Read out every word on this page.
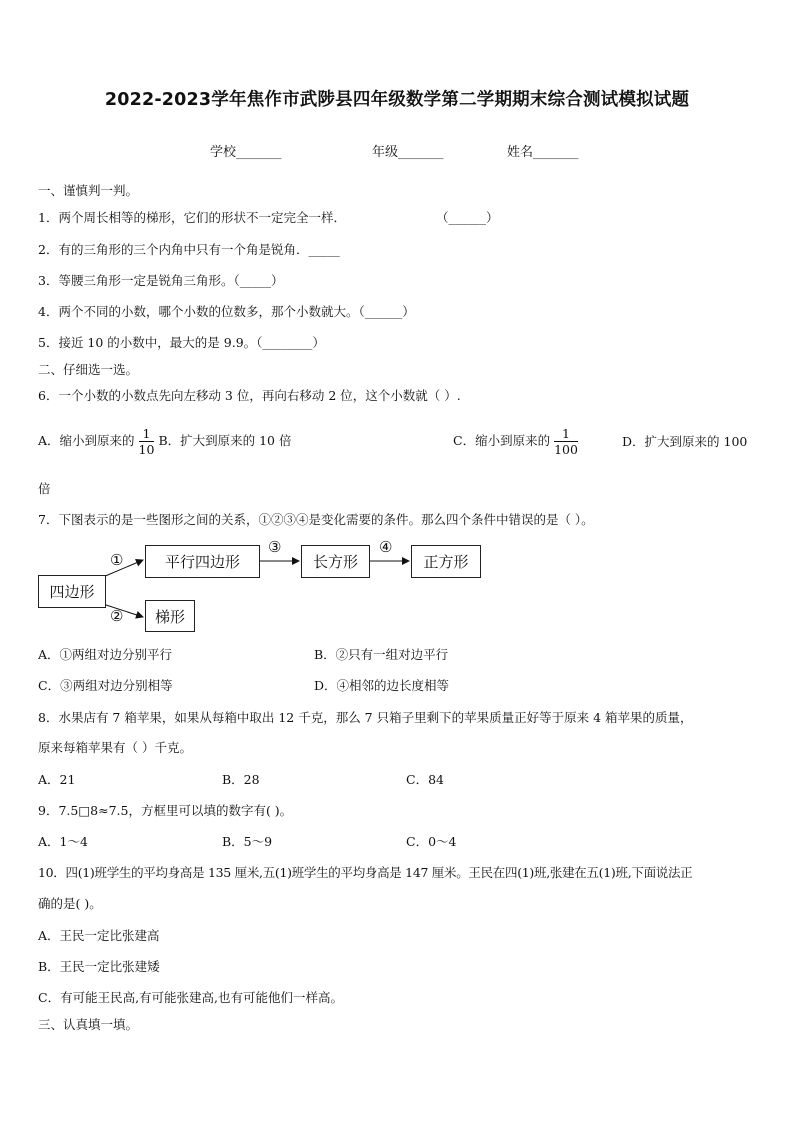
2022-2023学年焦作市武陟县四年级数学第二学期期末综合测试模拟试题
学校_______	年级_______	姓名_______
一、谨慎判一判。
1．两个周长相等的梯形，它们的形状不一定完全一样．	（______）
2．有的三角形的三个内角中只有一个角是锐角．_____
3．等腰三角形一定是锐角三角形。（_____）
4．两个不同的小数，哪个小数的位数多，那个小数就大。（______）
5．接近 10 的小数中，最大的是 9.9。（________）
二、仔细选一选。
6．一个小数的小数点先向左移动 3 位，再向右移动 2 位，这个小数就（ ）.
A．缩小到原来的 $\frac{1}{10}$ B．扩大到原来的 10 倍	C．缩小到原来的 $\frac{1}{100}$	D．扩大到原来的 100
倍
7．下图表示的是一些图形之间的关系，①②③④是变化需要的条件。那么四个条件中错误的是（ ）。
四边形
平行四边形
梯形
长方形	正方形
①
②
③	④
A．①两组对边分别平行	B．②只有一组对边平行
C．③两组对边分别相等	D．④相邻的边长度相等
8．水果店有 7 箱苹果，如果从每箱中取出 12 千克，那么 7 只箱子里剩下的苹果质量正好等于原来 4 箱苹果的质量，
原来每箱苹果有（ ）千克。
A．21	B．28	C．84
9．7.5□8≈7.5，方框里可以填的数字有( )。
A．1～4	B．5～9	C．0～4
10．四(1)班学生的平均身高是 135 厘米,五(1)班学生的平均身高是 147 厘米。王民在四(1)班,张建在五(1)班,下面说法正
确的是( )。
A．王民一定比张建高
B．王民一定比张建矮
C．有可能王民高,有可能张建高,也有可能他们一样高。
三、认真填一填。
